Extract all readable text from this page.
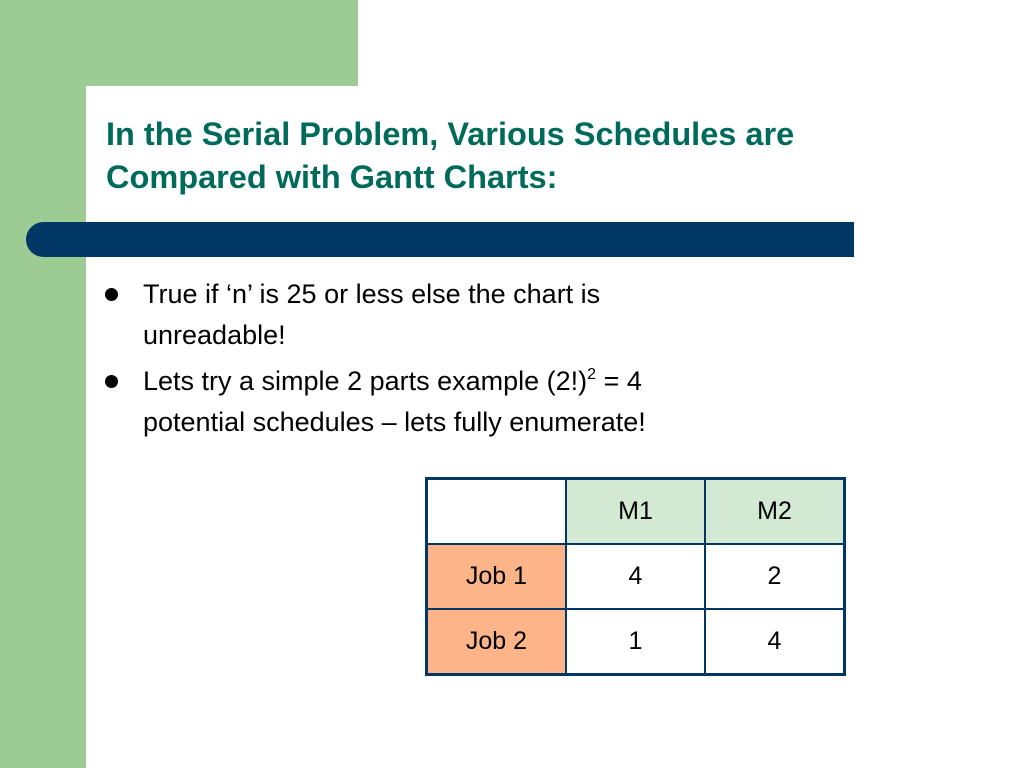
In the Serial Problem, Various Schedules are
Compared with Gantt Charts:
True if ‘n’ is 25 or less else the chart is
unreadable!
Lets try a simple 2 parts example $(2!)^2 = 4$
potential schedules – lets fully enumerate!
	M1	M2
Job 1	4	2
Job 2	1	4
